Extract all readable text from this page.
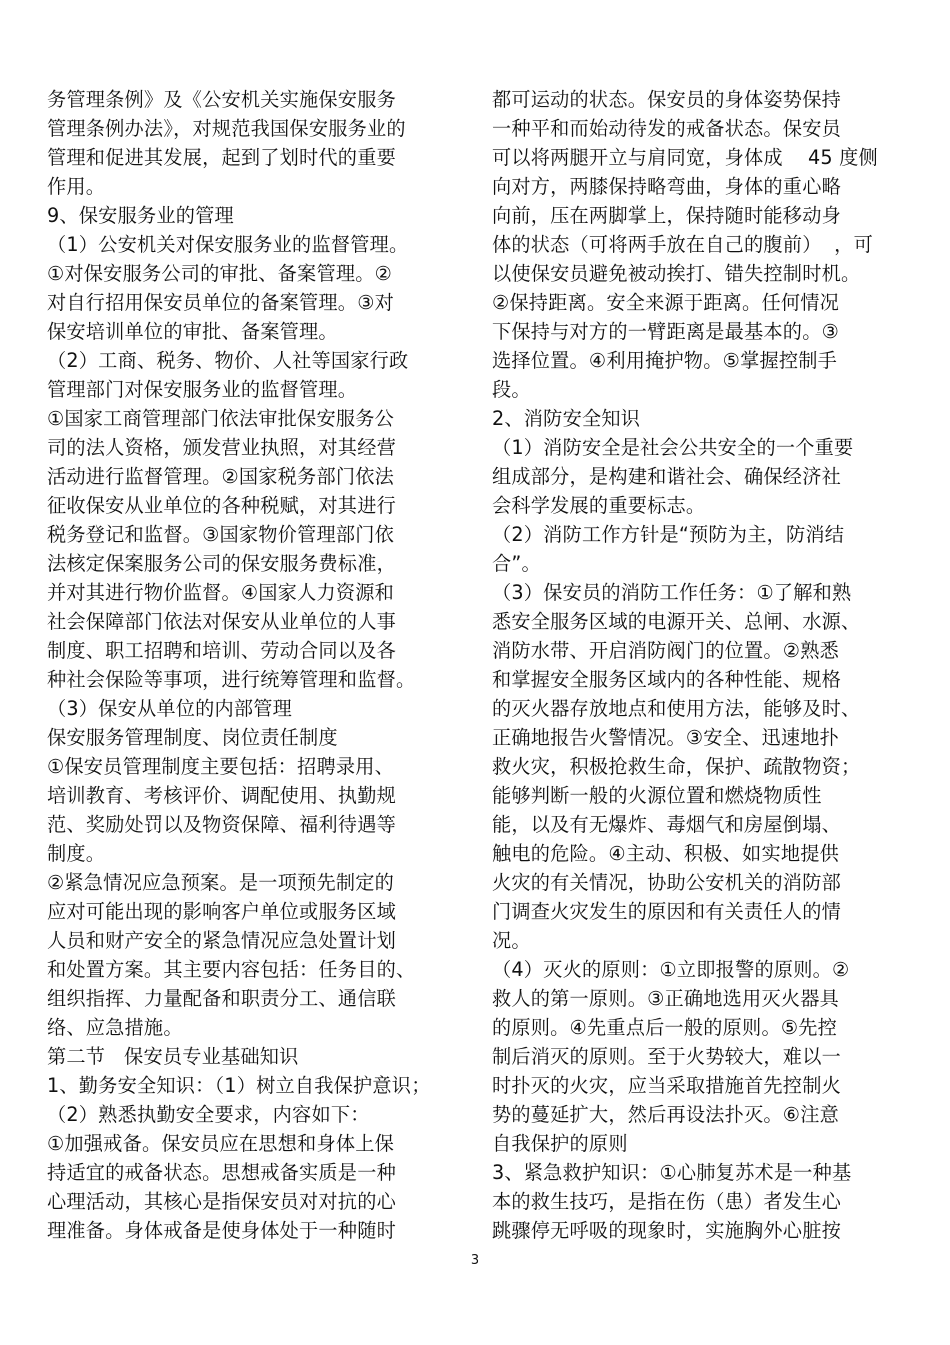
务管理条例》及《公安机关实施保安服务
管理条例办法》，对规范我国保安服务业的
管理和促进其发展，起到了划时代的重要
作用。
9、保安服务业的管理
（1）公安机关对保安服务业的监督管理。
①对保安服务公司的审批、备案管理。②
对自行招用保安员单位的备案管理。③对
保安培训单位的审批、备案管理。
（2）工商、税务、物价、人社等国家行政
管理部门对保安服务业的监督管理。
①国家工商管理部门依法审批保安服务公
司的法人资格，颁发营业执照，对其经营
活动进行监督管理。②国家税务部门依法
征收保安从业单位的各种税赋，对其进行
税务登记和监督。③国家物价管理部门依
法核定保案服务公司的保安服务费标准，
并对其进行物价监督。④国家人力资源和
社会保障部门依法对保安从业单位的人事
制度、职工招聘和培训、劳动合同以及各
种社会保险等事项，进行统筹管理和监督。
（3）保安从单位的内部管理
保安服务管理制度、岗位责任制度
①保安员管理制度主要包括：招聘录用、
培训教育、考核评价、调配使用、执勤规
范、奖励处罚以及物资保障、福利待遇等
制度。
②紧急情况应急预案。是一项预先制定的
应对可能出现的影响客户单位或服务区域
人员和财产安全的紧急情况应急处置计划
和处置方案。其主要内容包括：任务目的、
组织指挥、力量配备和职责分工、通信联
络、应急措施。
第二节   保安员专业基础知识
1、勤务安全知识：（1）树立自我保护意识；
（2）熟悉执勤安全要求，内容如下：
①加强戒备。保安员应在思想和身体上保
持适宜的戒备状态。思想戒备实质是一种
心理活动，其核心是指保安员对对抗的心
理准备。身体戒备是使身体处于一种随时
都可运动的状态。保安员的身体姿势保持
一种平和而始动待发的戒备状态。保安员
可以将两腿开立与肩同宽，身体成    45 度侧
向对方，两膝保持略弯曲，身体的重心略
向前，压在两脚掌上，保持随时能移动身
体的状态（可将两手放在自己的腹前）  ，可
以使保安员避免被动挨打、错失控制时机。
②保持距离。安全来源于距离。任何情况
下保持与对方的一臂距离是最基本的。③
选择位置。④利用掩护物。⑤掌握控制手
段。
2、消防安全知识
（1）消防安全是社会公共安全的一个重要
组成部分，是构建和谐社会、确保经济社
会科学发展的重要标志。
（2）消防工作方针是“预防为主，防消结
合”。
（3）保安员的消防工作任务：①了解和熟
悉安全服务区域的电源开关、总闸、水源、
消防水带、开启消防阀门的位置。②熟悉
和掌握安全服务区域内的各种性能、规格
的灭火器存放地点和使用方法，能够及时、
正确地报告火警情况。③安全、迅速地扑
救火灾，积极抢救生命，保护、疏散物资；
能够判断一般的火源位置和燃烧物质性
能，以及有无爆炸、毒烟气和房屋倒塌、
触电的危险。④主动、积极、如实地提供
火灾的有关情况，协助公安机关的消防部
门调查火灾发生的原因和有关责任人的情
况。
（4）灭火的原则：①立即报警的原则。②
救人的第一原则。③正确地选用灭火器具
的原则。④先重点后一般的原则。⑤先控
制后消灭的原则。至于火势较大，难以一
时扑灭的火灾，应当采取措施首先控制火
势的蔓延扩大，然后再设法扑灭。⑥注意
自我保护的原则
3、紧急救护知识：①心肺复苏术是一种基
本的救生技巧，是指在伤（患）者发生心
跳骤停无呼吸的现象时，实施胸外心脏按
3
